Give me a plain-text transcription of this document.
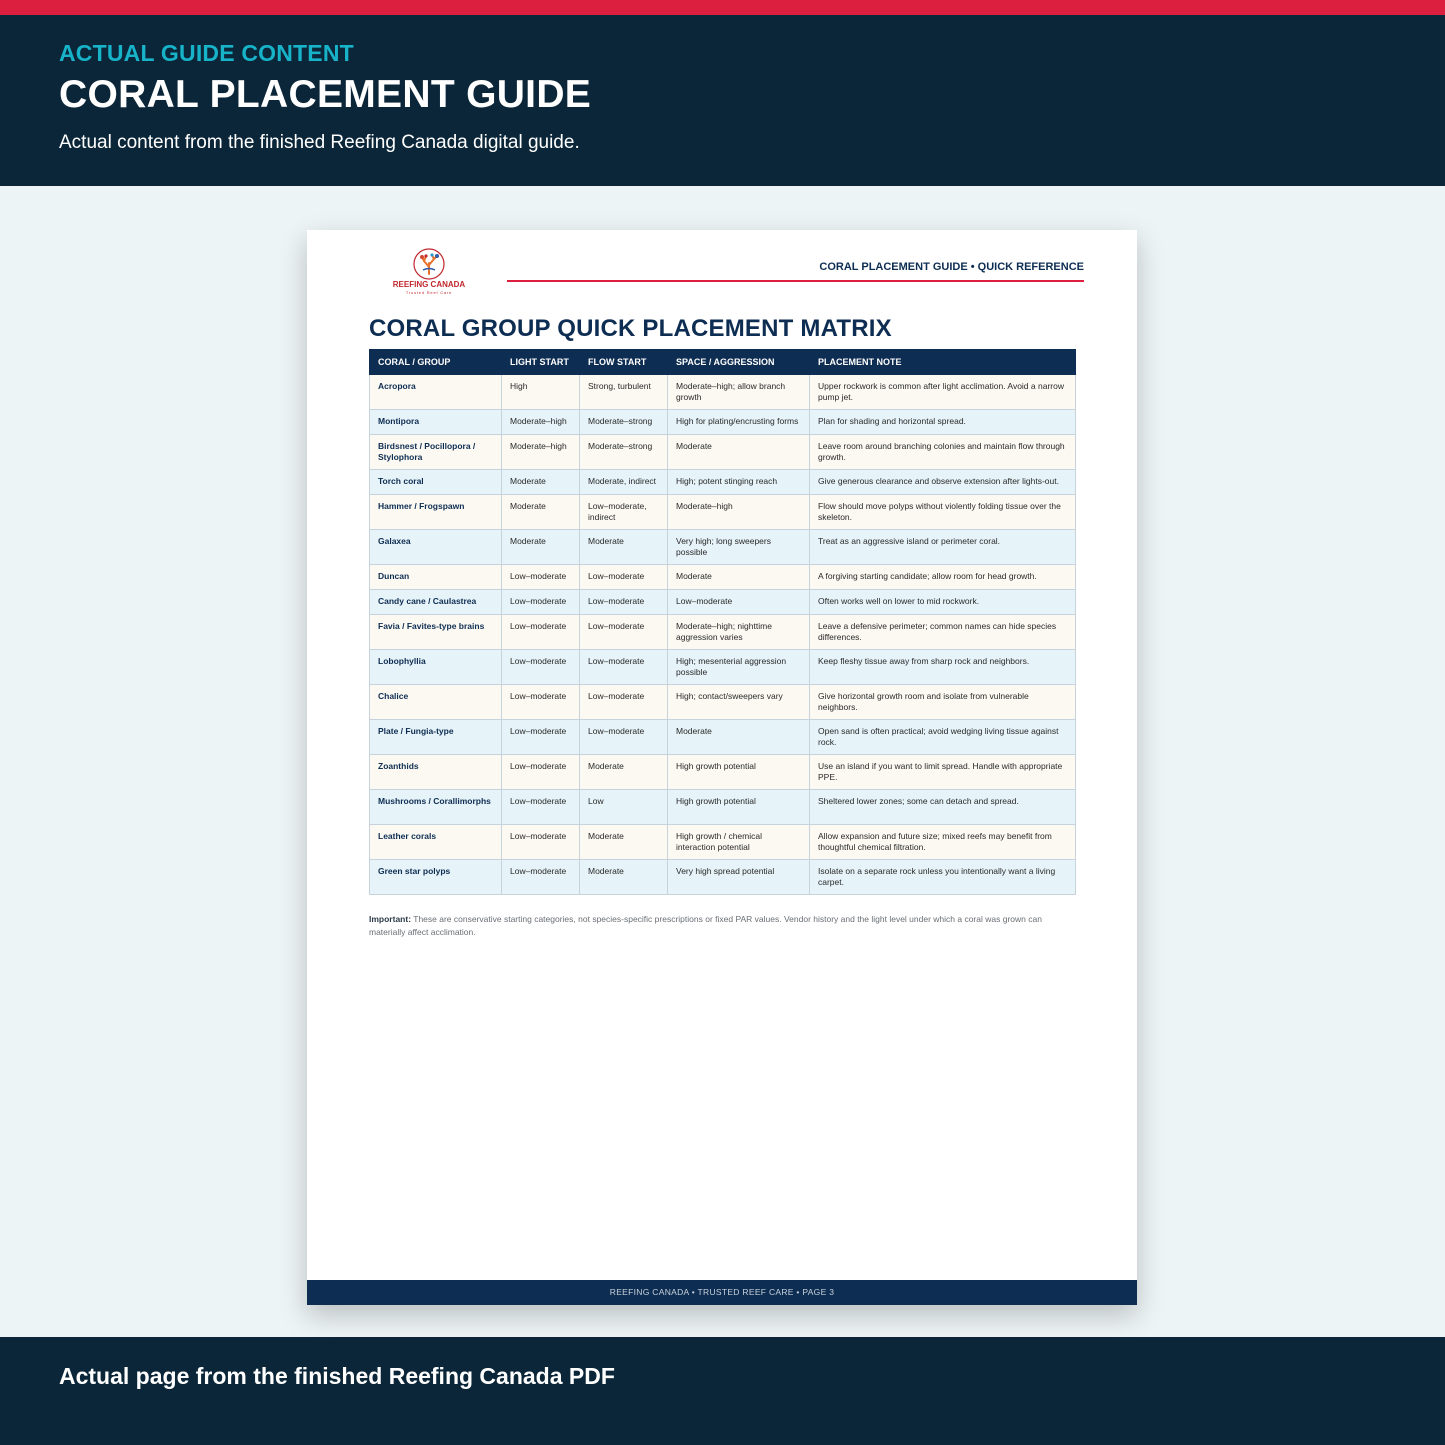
ACTUAL GUIDE CONTENT
CORAL PLACEMENT GUIDE
Actual content from the finished Reefing Canada digital guide.
REEFING CANADA
Trusted Reef Care
CORAL PLACEMENT GUIDE • QUICK REFERENCE
CORAL GROUP QUICK PLACEMENT MATRIX
CORAL / GROUP	LIGHT START	FLOW START	SPACE / AGGRESSION	PLACEMENT NOTE
Acropora	High	Strong, turbulent	Moderate–high; allow branch growth	Upper rockwork is common after light acclimation. Avoid a narrow pump jet.
Montipora	Moderate–high	Moderate–strong	High for plating/encrusting forms	Plan for shading and horizontal spread.
Birdsnest / Pocillopora / Stylophora	Moderate–high	Moderate–strong	Moderate	Leave room around branching colonies and maintain flow through growth.
Torch coral	Moderate	Moderate, indirect	High; potent stinging reach	Give generous clearance and observe extension after lights-out.
Hammer / Frogspawn	Moderate	Low–moderate, indirect	Moderate–high	Flow should move polyps without violently folding tissue over the skeleton.
Galaxea	Moderate	Moderate	Very high; long sweepers possible	Treat as an aggressive island or perimeter coral.
Duncan	Low–moderate	Low–moderate	Moderate	A forgiving starting candidate; allow room for head growth.
Candy cane / Caulastrea	Low–moderate	Low–moderate	Low–moderate	Often works well on lower to mid rockwork.
Favia / Favites-type brains	Low–moderate	Low–moderate	Moderate–high; nighttime aggression varies	Leave a defensive perimeter; common names can hide species differences.
Lobophyllia	Low–moderate	Low–moderate	High; mesenterial aggression possible	Keep fleshy tissue away from sharp rock and neighbors.
Chalice	Low–moderate	Low–moderate	High; contact/sweepers vary	Give horizontal growth room and isolate from vulnerable neighbors.
Plate / Fungia-type	Low–moderate	Low–moderate	Moderate	Open sand is often practical; avoid wedging living tissue against rock.
Zoanthids	Low–moderate	Moderate	High growth potential	Use an island if you want to limit spread. Handle with appropriate PPE.
Mushrooms / Corallimorphs	Low–moderate	Low	High growth potential	Sheltered lower zones; some can detach and spread.
Leather corals	Low–moderate	Moderate	High growth / chemical interaction potential	Allow expansion and future size; mixed reefs may benefit from thoughtful chemical filtration.
Green star polyps	Low–moderate	Moderate	Very high spread potential	Isolate on a separate rock unless you intentionally want a living carpet.
Important: These are conservative starting categories, not species-specific prescriptions or fixed PAR values. Vendor history and the light level under which a coral was grown can materially affect acclimation.
REEFING CANADA • TRUSTED REEF CARE • PAGE 3
Actual page from the finished Reefing Canada PDF
